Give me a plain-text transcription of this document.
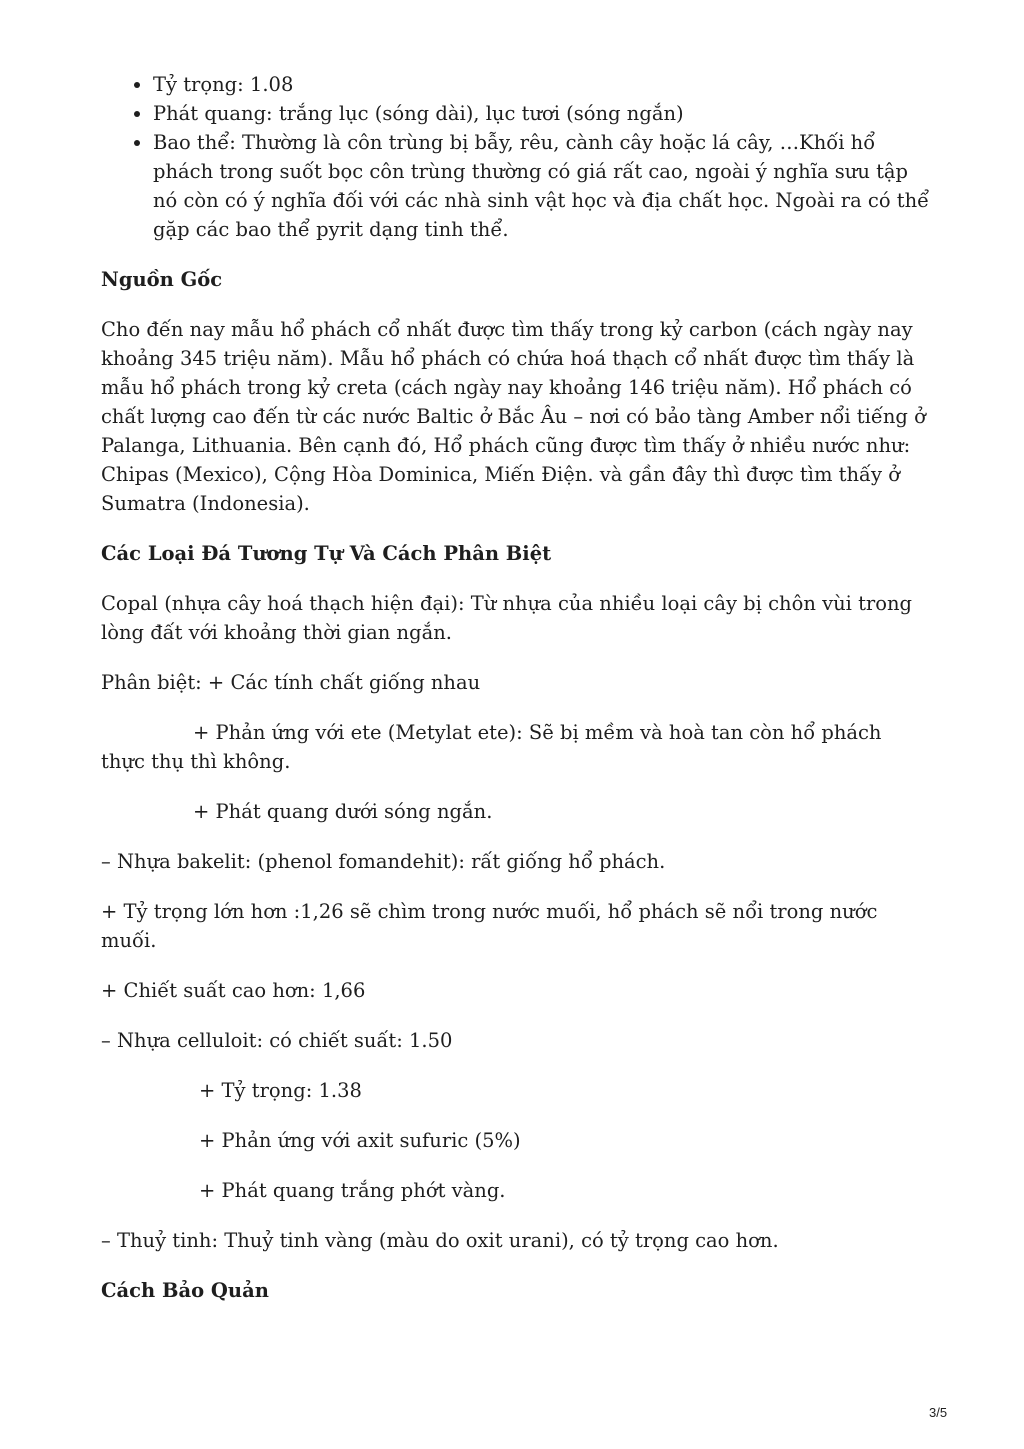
• Tỷ trọng: 1.08
• Phát quang: trắng lục (sóng dài), lục tươi (sóng ngắn)
• Bao thể: Thường là côn trùng bị bẫy, rêu, cành cây hoặc lá cây, …Khối hổ phách trong suốt bọc côn trùng thường có giá rất cao, ngoài ý nghĩa sưu tập nó còn có ý nghĩa đối với các nhà sinh vật học và địa chất học. Ngoài ra có thể gặp các bao thể pyrit dạng tinh thể.
Nguồn Gốc

Cho đến nay mẫu hổ phách cổ nhất được tìm thấy trong kỷ carbon (cách ngày nay khoảng 345 triệu năm). Mẫu hổ phách có chứa hoá thạch cổ nhất được tìm thấy là mẫu hổ phách trong kỷ creta (cách ngày nay khoảng 146 triệu năm). Hổ phách có chất lượng cao đến từ các nước Baltic ở Bắc Âu – nơi có bảo tàng Amber nổi tiếng ở Palanga, Lithuania. Bên cạnh đó, Hổ phách cũng được tìm thấy ở nhiều nước như: Chipas (Mexico), Cộng Hòa Dominica, Miến Điện. và gần đây thì được tìm thấy ở Sumatra (Indonesia).

Các Loại Đá Tương Tự Và Cách Phân Biệt

Copal (nhựa cây hoá thạch hiện đại): Từ nhựa của nhiều loại cây bị chôn vùi trong lòng đất với khoảng thời gian ngắn.

Phân biệt: + Các tính chất giống nhau

+ Phản ứng với ete (Metylat ete): Sẽ bị mềm và hoà tan còn hổ phách thực thụ thì không.

+ Phát quang dưới sóng ngắn.

– Nhựa bakelit: (phenol fomandehit): rất giống hổ phách.

+ Tỷ trọng lớn hơn :1,26 sẽ chìm trong nước muối, hổ phách sẽ nổi trong nước muối.

+ Chiết suất cao hơn: 1,66

– Nhựa celluloit: có chiết suất: 1.50

+ Tỷ trọng: 1.38

+ Phản ứng với axit sufuric (5%)

+ Phát quang trắng phớt vàng.

– Thuỷ tinh: Thuỷ tinh vàng (màu do oxit urani), có tỷ trọng cao hơn.

Cách Bảo Quản
3/5
